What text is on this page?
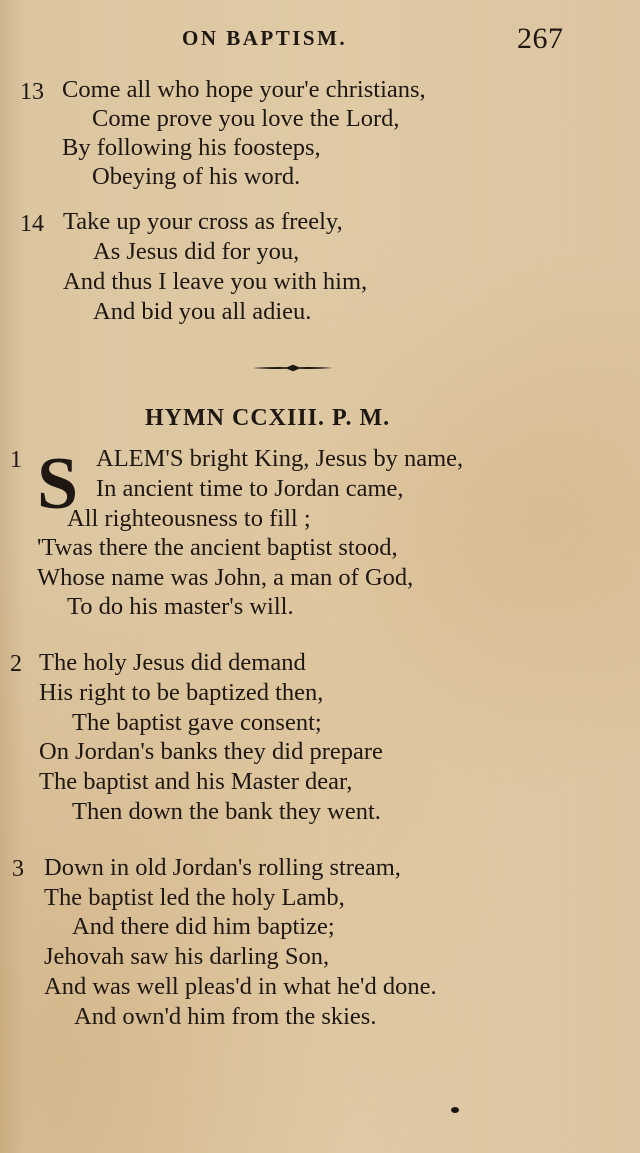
ON BAPTISM.	267
13 Come all who hope your'e christians,
Come prove you love the Lord,
By following his foosteps,
Obeying of his word.
14 Take up your cross as freely,
As Jesus did for you,
And thus I leave you with him,
And bid you all adieu.
HYMN CCXIII. P. M.
1 S ALEM'S bright King, Jesus by name,
In ancient time to Jordan came,
All righteousness to fill ;
'Twas there the ancient baptist stood,
Whose name was John, a man of God,
To do his master's will.
2 The holy Jesus did demand
His right to be baptized then,
The baptist gave consent;
On Jordan's banks they did prepare
The baptist and his Master dear,
Then down the bank they went.
3 Down in old Jordan's rolling stream,
The baptist led the holy Lamb,
And there did him baptize;
Jehovah saw his darling Son,
And was well pleas'd in what he'd done.
And own'd him from the skies.
